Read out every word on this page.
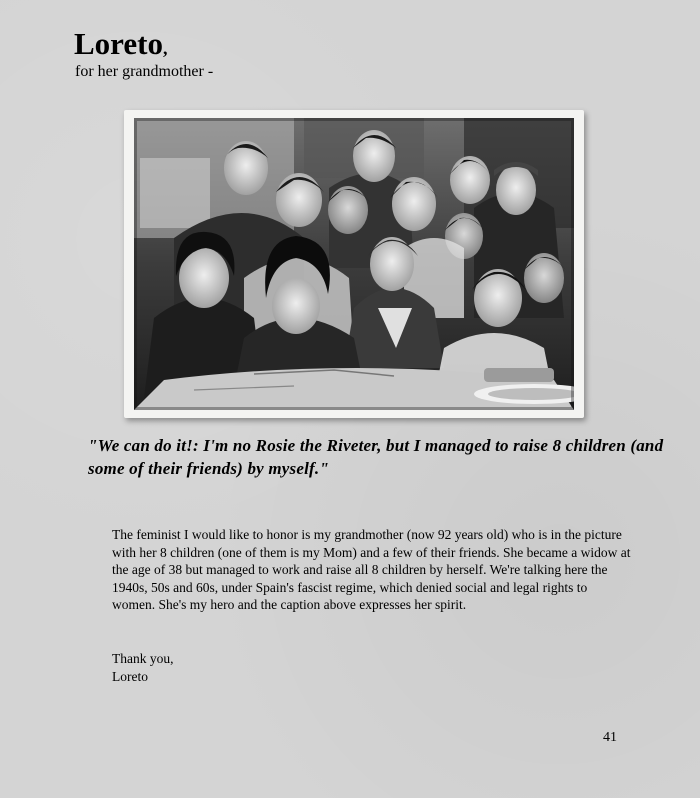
Loreto,
for her grandmother -
"We can do it!: I'm no Rosie the Riveter, but I managed to raise 8 children (and some of their friends) by myself."

The feminist I would like to honor is my grandmother (now 92 years old) who is in the picture with her 8 children (one of them is my Mom) and a few of their friends. She became a widow at the age of 38 but managed to work and raise all 8 children by herself. We're talking here the 1940s, 50s and 60s, under Spain's fascist regime, which denied social and legal rights to women. She's my hero and the caption above expresses her spirit.

Thank you,
Loreto
41
